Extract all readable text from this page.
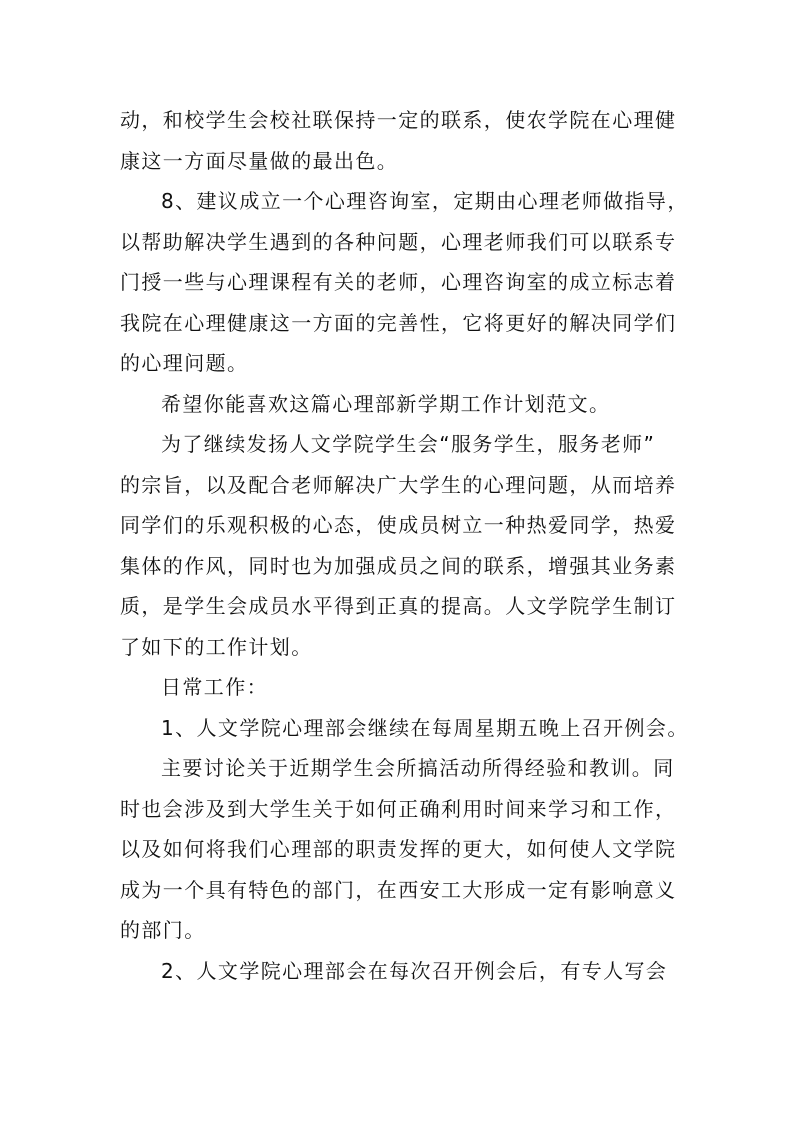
动，和校学生会校社联保持一定的联系，使农学院在心理健
康这一方面尽量做的最出色。
8、建议成立一个心理咨询室，定期由心理老师做指导，
以帮助解决学生遇到的各种问题，心理老师我们可以联系专
门授一些与心理课程有关的老师，心理咨询室的成立标志着
我院在心理健康这一方面的完善性，它将更好的解决同学们
的心理问题。
希望你能喜欢这篇心理部新学期工作计划范文。
为了继续发扬人文学院学生会“服务学生，服务老师”
的宗旨，以及配合老师解决广大学生的心理问题，从而培养
同学们的乐观积极的心态，使成员树立一种热爱同学，热爱
集体的作风，同时也为加强成员之间的联系，增强其业务素
质，是学生会成员水平得到正真的提高。人文学院学生制订
了如下的工作计划。
日常工作：
1、人文学院心理部会继续在每周星期五晚上召开例会。
主要讨论关于近期学生会所搞活动所得经验和教训。同
时也会涉及到大学生关于如何正确利用时间来学习和工作，
以及如何将我们心理部的职责发挥的更大，如何使人文学院
成为一个具有特色的部门，在西安工大形成一定有影响意义
的部门。
2、人文学院心理部会在每次召开例会后，有专人写会
